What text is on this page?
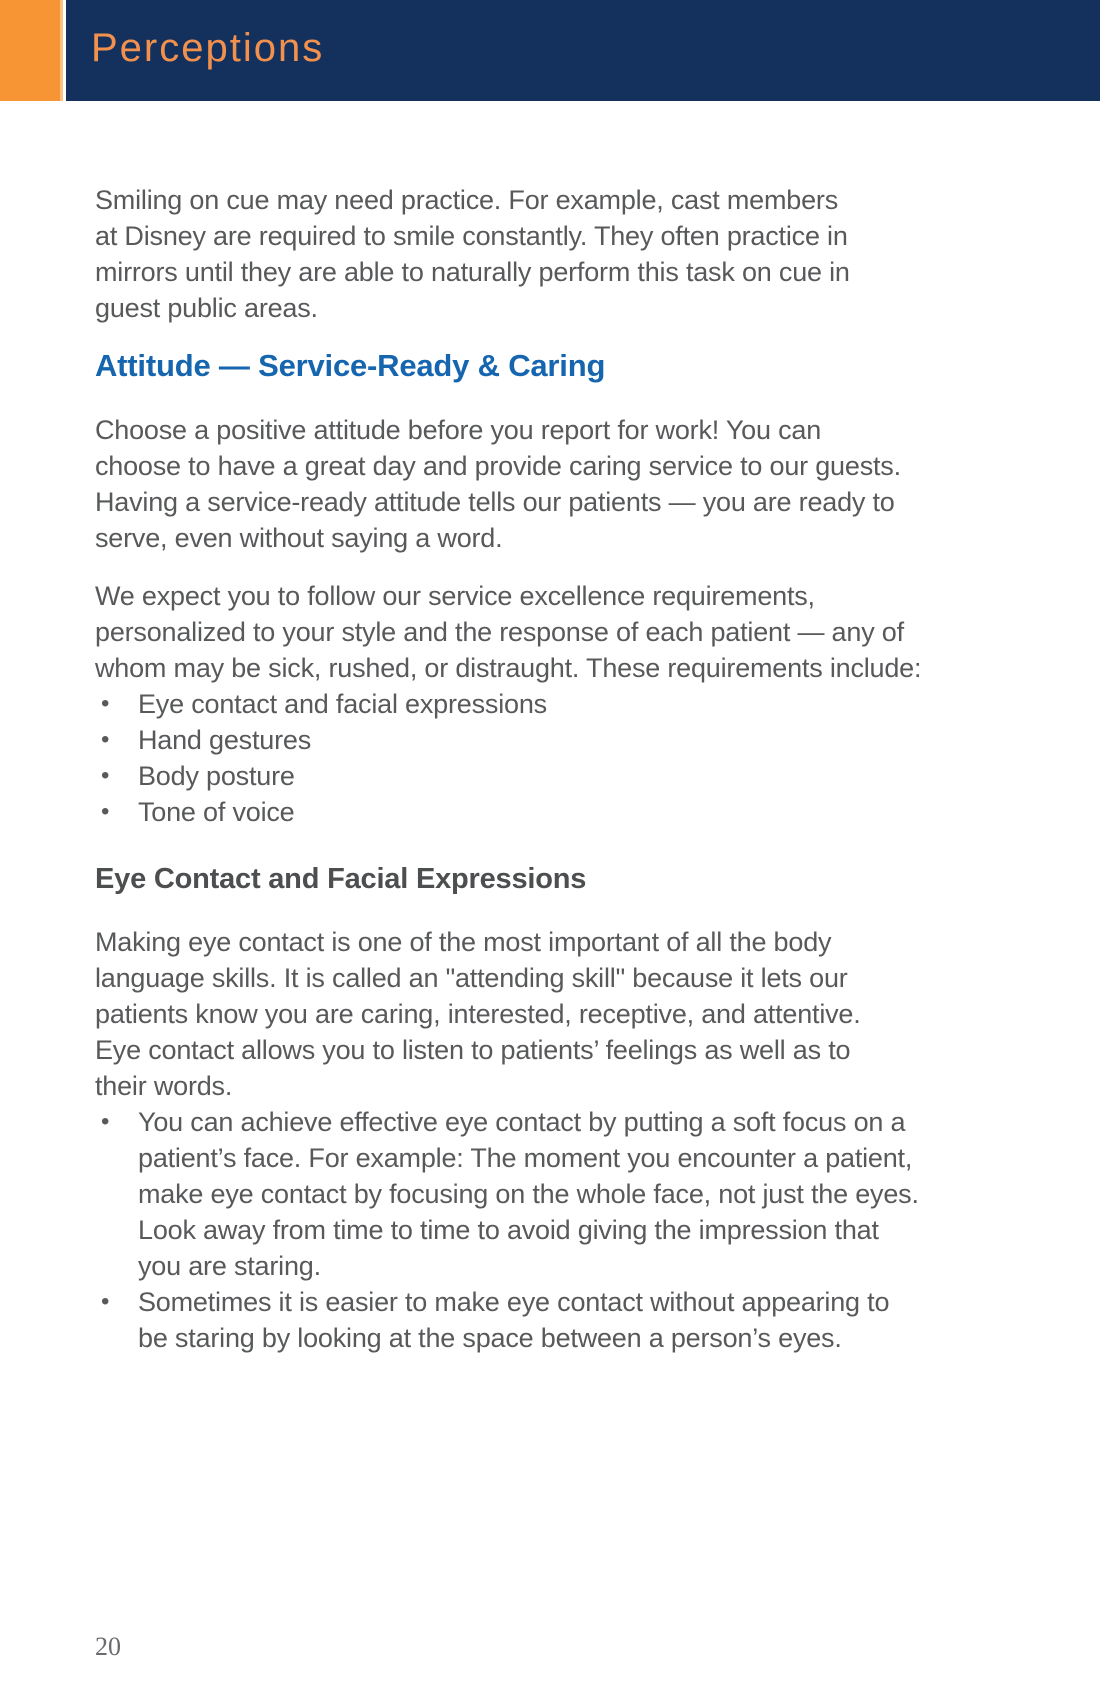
Perceptions
Smiling on cue may need practice. For example, cast members
at Disney are required to smile constantly. They often practice in
mirrors until they are able to naturally perform this task on cue in
guest public areas.
Attitude — Service-Ready & Caring
Choose a positive attitude before you report for work! You can
choose to have a great day and provide caring service to our guests.
Having a service-ready attitude tells our patients — you are ready to
serve, even without saying a word.
We expect you to follow our service excellence requirements,
personalized to your style and the response of each patient — any of
whom may be sick, rushed, or distraught. These requirements include:
• Eye contact and facial expressions
• Hand gestures
• Body posture
• Tone of voice
Eye Contact and Facial Expressions
Making eye contact is one of the most important of all the body
language skills. It is called an "attending skill" because it lets our
patients know you are caring, interested, receptive, and attentive.
Eye contact allows you to listen to patients’ feelings as well as to
their words.
• You can achieve effective eye contact by putting a soft focus on a
patient’s face. For example: The moment you encounter a patient,
make eye contact by focusing on the whole face, not just the eyes.
Look away from time to time to avoid giving the impression that
you are staring.
• Sometimes it is easier to make eye contact without appearing to
be staring by looking at the space between a person’s eyes.
20
